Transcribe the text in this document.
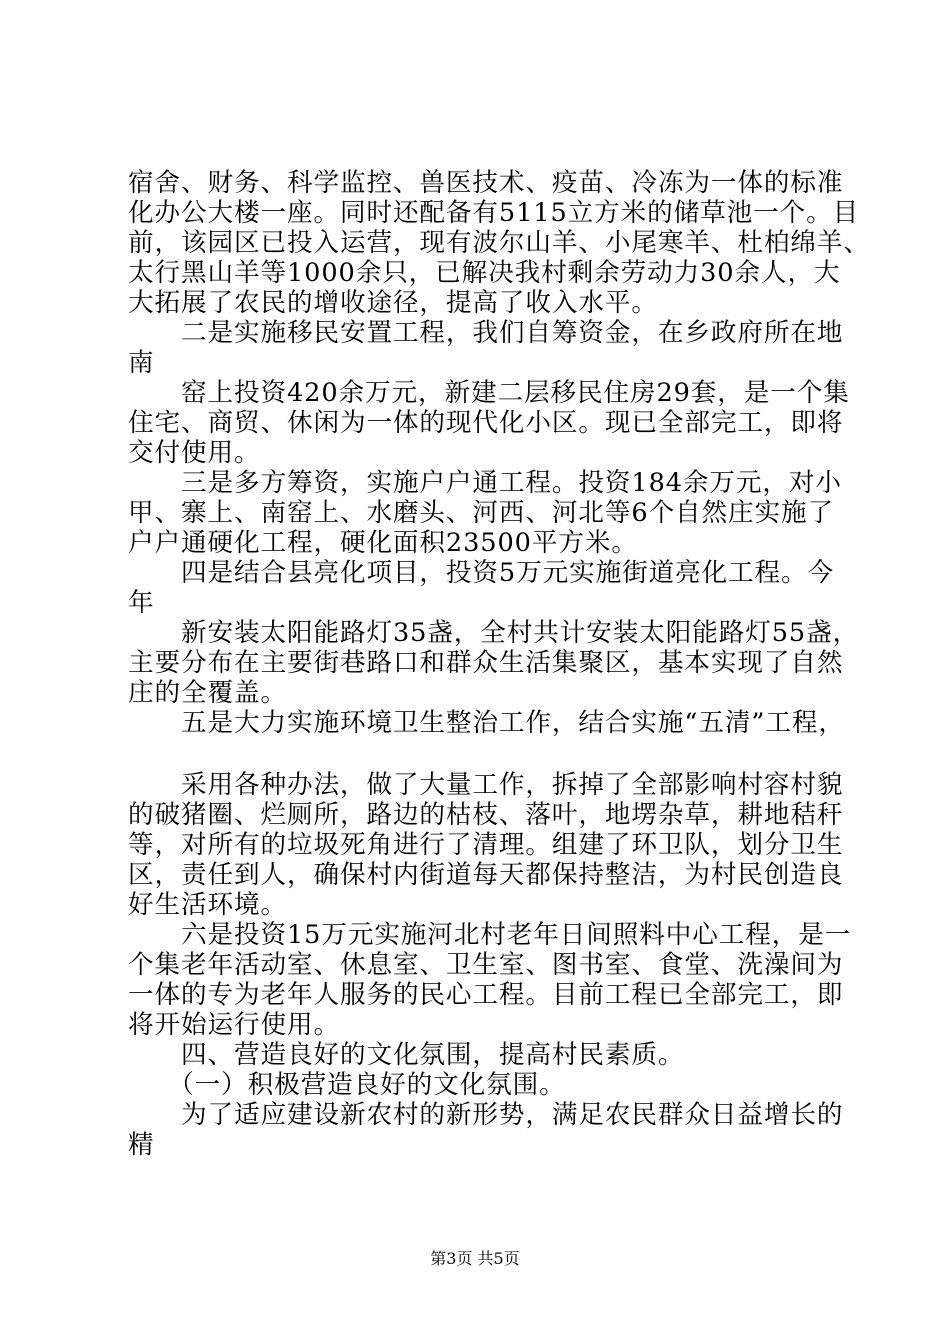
宿舍、财务、科学监控、兽医技术、疫苗、冷冻为一体的标准
化办公大楼一座。同时还配备有5115立方米的储草池一个。目
前，该园区已投入运营，现有波尔山羊、小尾寒羊、杜柏绵羊、
太行黑山羊等1000余只，已解决我村剩余劳动力30余人，大
大拓展了农民的增收途径，提高了收入水平。
　　二是实施移民安置工程，我们自筹资金，在乡政府所在地
南
　　窑上投资420余万元，新建二层移民住房29套，是一个集
住宅、商贸、休闲为一体的现代化小区。现已全部完工，即将
交付使用。
　　三是多方筹资，实施户户通工程。投资184余万元，对小
甲、寨上、南窑上、水磨头、河西、河北等6个自然庄实施了
户户通硬化工程，硬化面积23500平方米。
　　四是结合县亮化项目，投资5万元实施街道亮化工程。今
年
　　新安装太阳能路灯35盏，全村共计安装太阳能路灯55盏，
主要分布在主要街巷路口和群众生活集聚区，基本实现了自然
庄的全覆盖。
　　五是大力实施环境卫生整治工作，结合实施“五清”工程，
　　采用各种办法，做了大量工作，拆掉了全部影响村容村貌
的破猪圈、烂厕所，路边的枯枝、落叶，地塄杂草，耕地秸秆
等，对所有的垃圾死角进行了清理。组建了环卫队，划分卫生
区，责任到人，确保村内街道每天都保持整洁，为村民创造良
好生活环境。
　　六是投资15万元实施河北村老年日间照料中心工程，是一
个集老年活动室、休息室、卫生室、图书室、食堂、洗澡间为
一体的专为老年人服务的民心工程。目前工程已全部完工，即
将开始运行使用。
　　四、营造良好的文化氛围，提高村民素质。
　　（一）积极营造良好的文化氛围。
　　为了适应建设新农村的新形势，满足农民群众日益增长的
精
第3页 共5页
